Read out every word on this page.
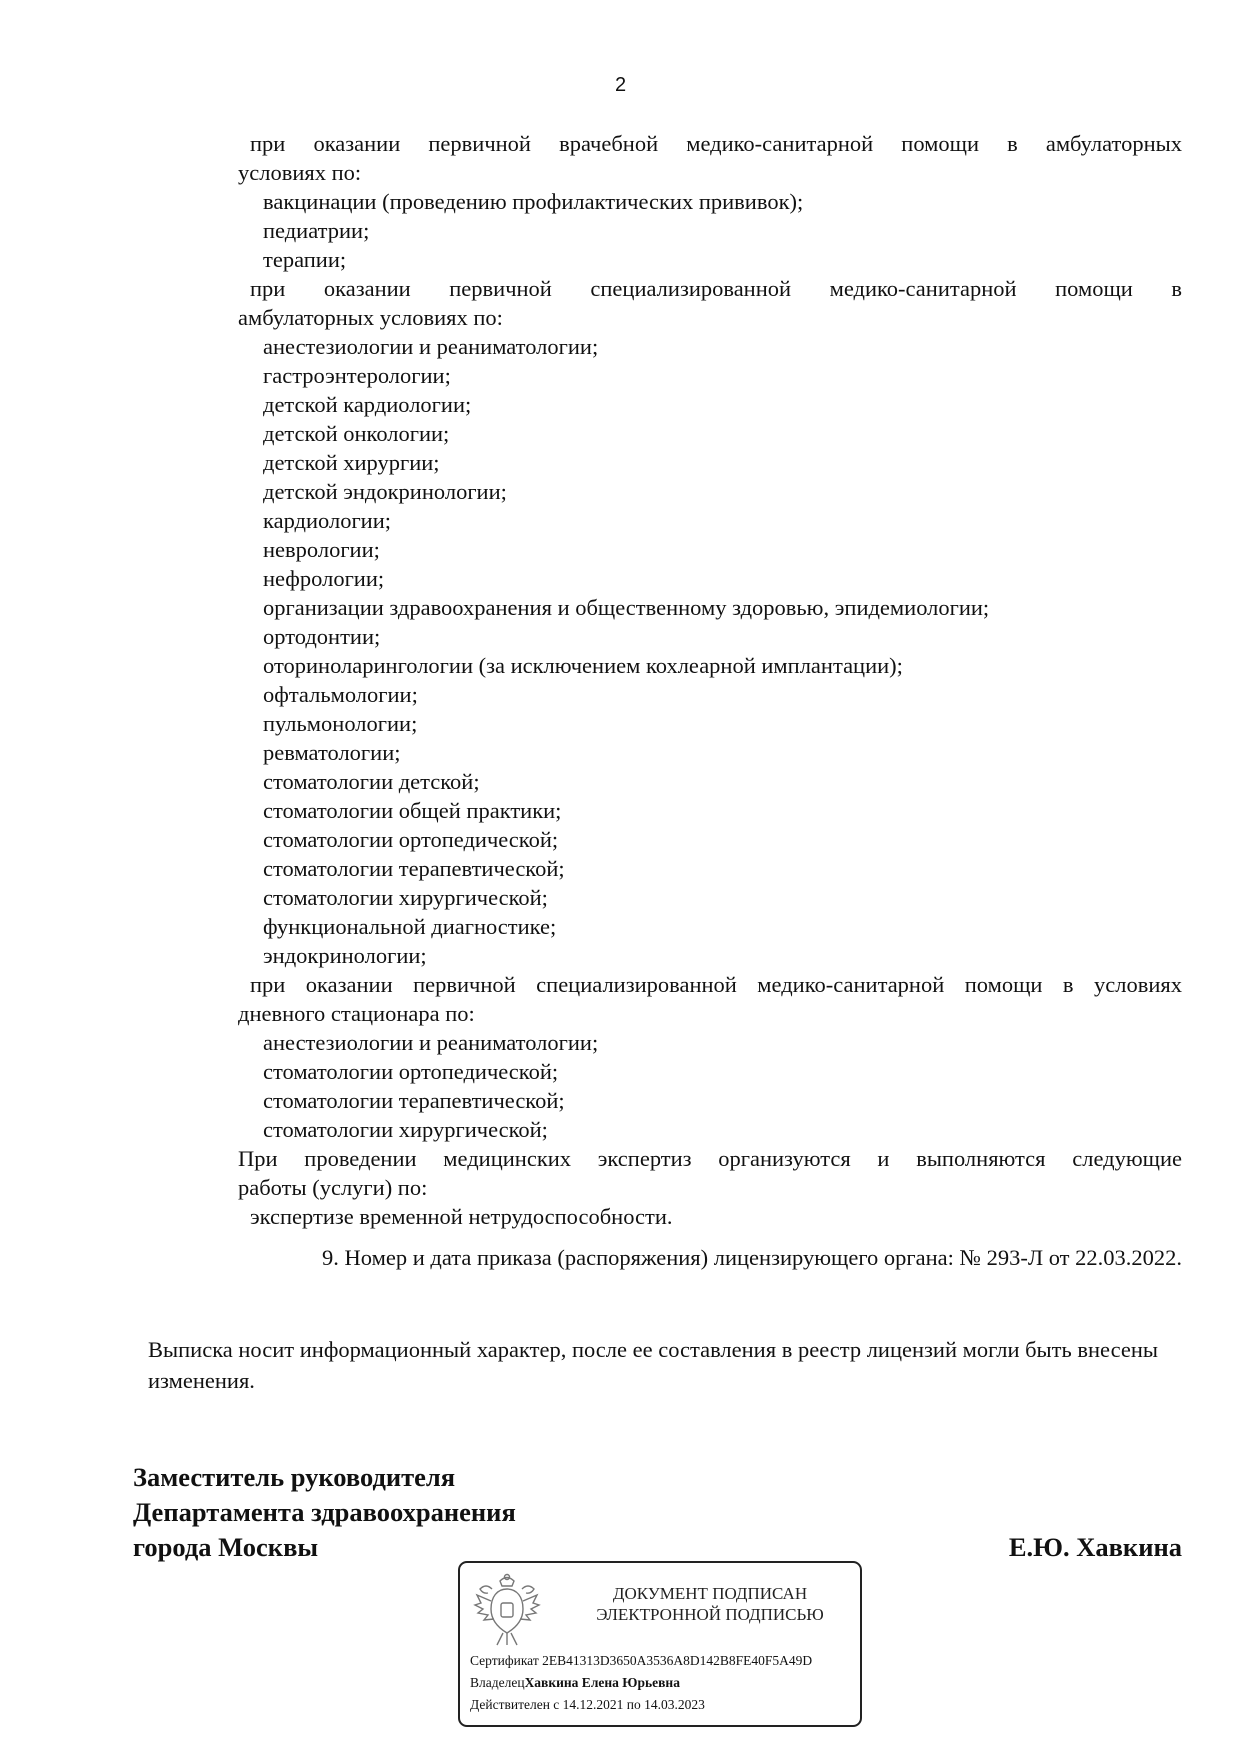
2
при оказании первичной врачебной медико-санитарной помощи в амбулаторных
условиях по:
вакцинации (проведению профилактических прививок);
педиатрии;
терапии;
при оказании первичной специализированной медико-санитарной помощи в
амбулаторных условиях по:
анестезиологии и реаниматологии;
гастроэнтерологии;
детской кардиологии;
детской онкологии;
детской хирургии;
детской эндокринологии;
кардиологии;
неврологии;
нефрологии;
организации здравоохранения и общественному здоровью, эпидемиологии;
ортодонтии;
оториноларингологии (за исключением кохлеарной имплантации);
офтальмологии;
пульмонологии;
ревматологии;
стоматологии детской;
стоматологии общей практики;
стоматологии ортопедической;
стоматологии терапевтической;
стоматологии хирургической;
функциональной диагностике;
эндокринологии;
при оказании первичной специализированной медико-санитарной помощи в условиях
дневного стационара по:
анестезиологии и реаниматологии;
стоматологии ортопедической;
стоматологии терапевтической;
стоматологии хирургической;
При проведении медицинских экспертиз организуются и выполняются следующие
работы (услуги) по:
экспертизе временной нетрудоспособности.
9. Номер и дата приказа (распоряжения) лицензирующего органа: № 293-Л от 22.03.2022.
Выписка носит информационный характер, после ее составления в реестр лицензий могли быть внесены изменения.
Заместитель руководителя
Департамента здравоохранения
города Москвы	Е.Ю. Хавкина
ДОКУМЕНТ ПОДПИСАН
ЭЛЕКТРОННОЙ ПОДПИСЬЮ
Сертификат 2EB41313D3650A3536A8D142B8FE40F5A49D
ВладелецХавкина Елена Юрьевна
Действителен с 14.12.2021 по 14.03.2023
